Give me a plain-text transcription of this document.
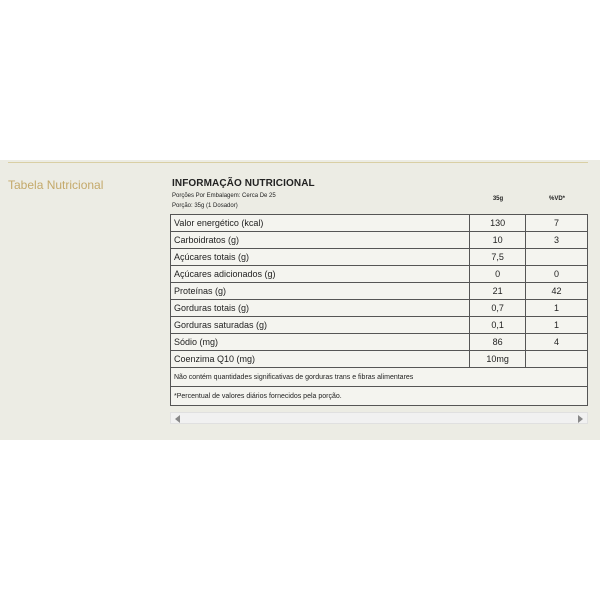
Tabela Nutricional	INFORMAÇÃO NUTRICIONAL
Porções Por Embalagem: Cerca De 25
Porção: 35g (1 Dosador)
35g	%VD*
Valor energético (kcal)	130	7
Carboidratos (g)	10	3
Açúcares totais (g)	7,5	
Açúcares adicionados (g)	0	0
Proteínas (g)	21	42
Gorduras totais (g)	0,7	1
Gorduras saturadas (g)	0,1	1
Sódio (mg)	86	4
Coenzima Q10 (mg)	10mg	
Não contém quantidades significativas de gorduras trans e fibras alimentares		
*Percentual de valores diários fornecidos pela porção.		
